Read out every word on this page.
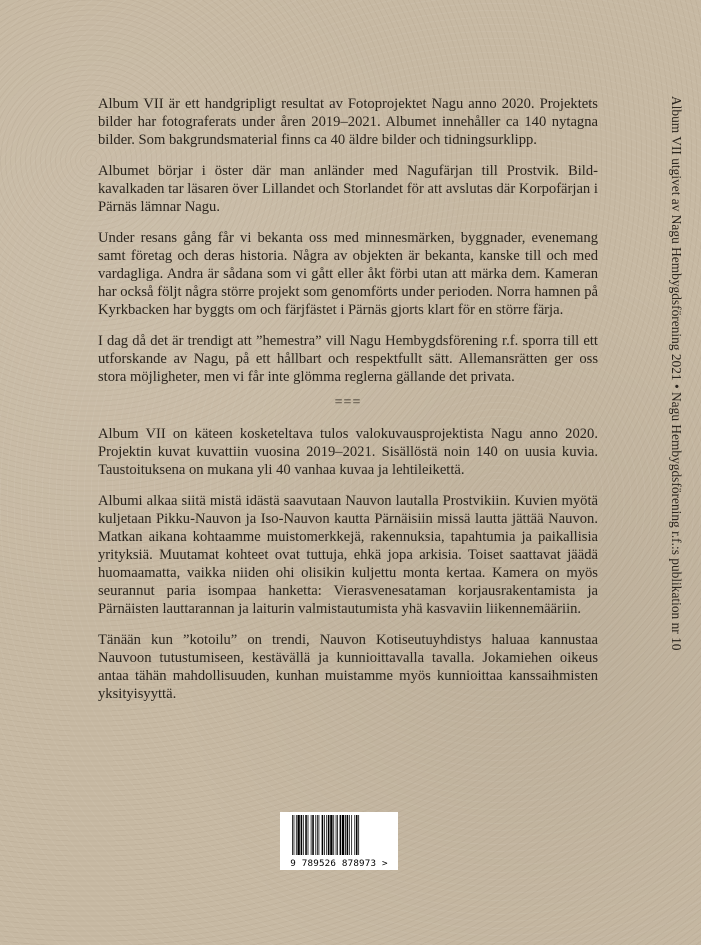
Album VII är ett handgripligt resultat av Fotoprojektet Nagu anno 2020. Projektets bilder har fotograferats under åren 2019–2021. Albumet innehåller ca 140 nytagna bilder. Som bakgrundsmaterial finns ca 40 äldre bilder och tidningsurklipp.

Albumet börjar i öster där man anländer med Nagufärjan till Prostvik. Bildkavalkaden tar läsaren över Lillandet och Storlandet för att avslutas där Korpofärjan i Pärnäs lämnar Nagu.

Under resans gång får vi bekanta oss med minnesmärken, byggnader, evenemang samt företag och deras historia. Några av objekten är bekanta, kanske till och med vardagliga. Andra är sådana som vi gått eller åkt förbi utan att märka dem. Kameran har också följt några större projekt som genomförts under perioden. Norra hamnen på Kyrkbacken har byggts om och färjfästet i Pärnäs gjorts klart för en större färja.

I dag då det är trendigt att ”hemestra” vill Nagu Hembygdsförening r.f. sporra till ett utforskande av Nagu, på ett hållbart och respektfullt sätt. Allemansrätten ger oss stora möjligheter, men vi får inte glömma reglerna gällande det privata.

===

Album VII on käteen kosketeltava tulos valokuvausprojektista Nagu anno 2020. Projektin kuvat kuvattiin vuosina 2019–2021. Sisällöstä noin 140 on uusia kuvia. Taustoituksena on mukana yli 40 vanhaa kuvaa ja lehtileikettä.

Albumi alkaa siitä mistä idästä saavutaan Nauvon lautalla Prostvikiin. Kuvien myötä kuljetaan Pikku-Nauvon ja Iso-Nauvon kautta Pärnäisiin missä lautta jättää Nauvon. Matkan aikana kohtaamme muistomerkkejä, rakennuksia, tapahtumia ja paikallisia yrityksiä. Muutamat kohteet ovat tuttuja, ehkä jopa arkisia. Toiset saattavat jäädä huomaamatta, vaikka niiden ohi olisikin kuljettu monta kertaa. Kamera on myös seurannut paria isompaa hanketta: Vierasvenesataman korjausrakentamista ja Pärnäisten lauttarannan ja laiturin valmistautumista yhä kasvaviin liikennemääriin.

Tänään kun ”kotoilu” on trendi, Nauvon Kotiseutuyhdistys haluaa kannustaa Nauvoon tutustumiseen, kestävällä ja kunnioittavalla tavalla. Jokamiehen oikeus antaa tähän mahdollisuuden, kunhan muistamme myös kunnioittaa kanssaihmisten yksityisyyttä.

Album VII utgivet av Nagu Hembygdsförening 2021 • Nagu Hembygdsförening r.f.:s publikation nr 10
9 789526 878973 >
